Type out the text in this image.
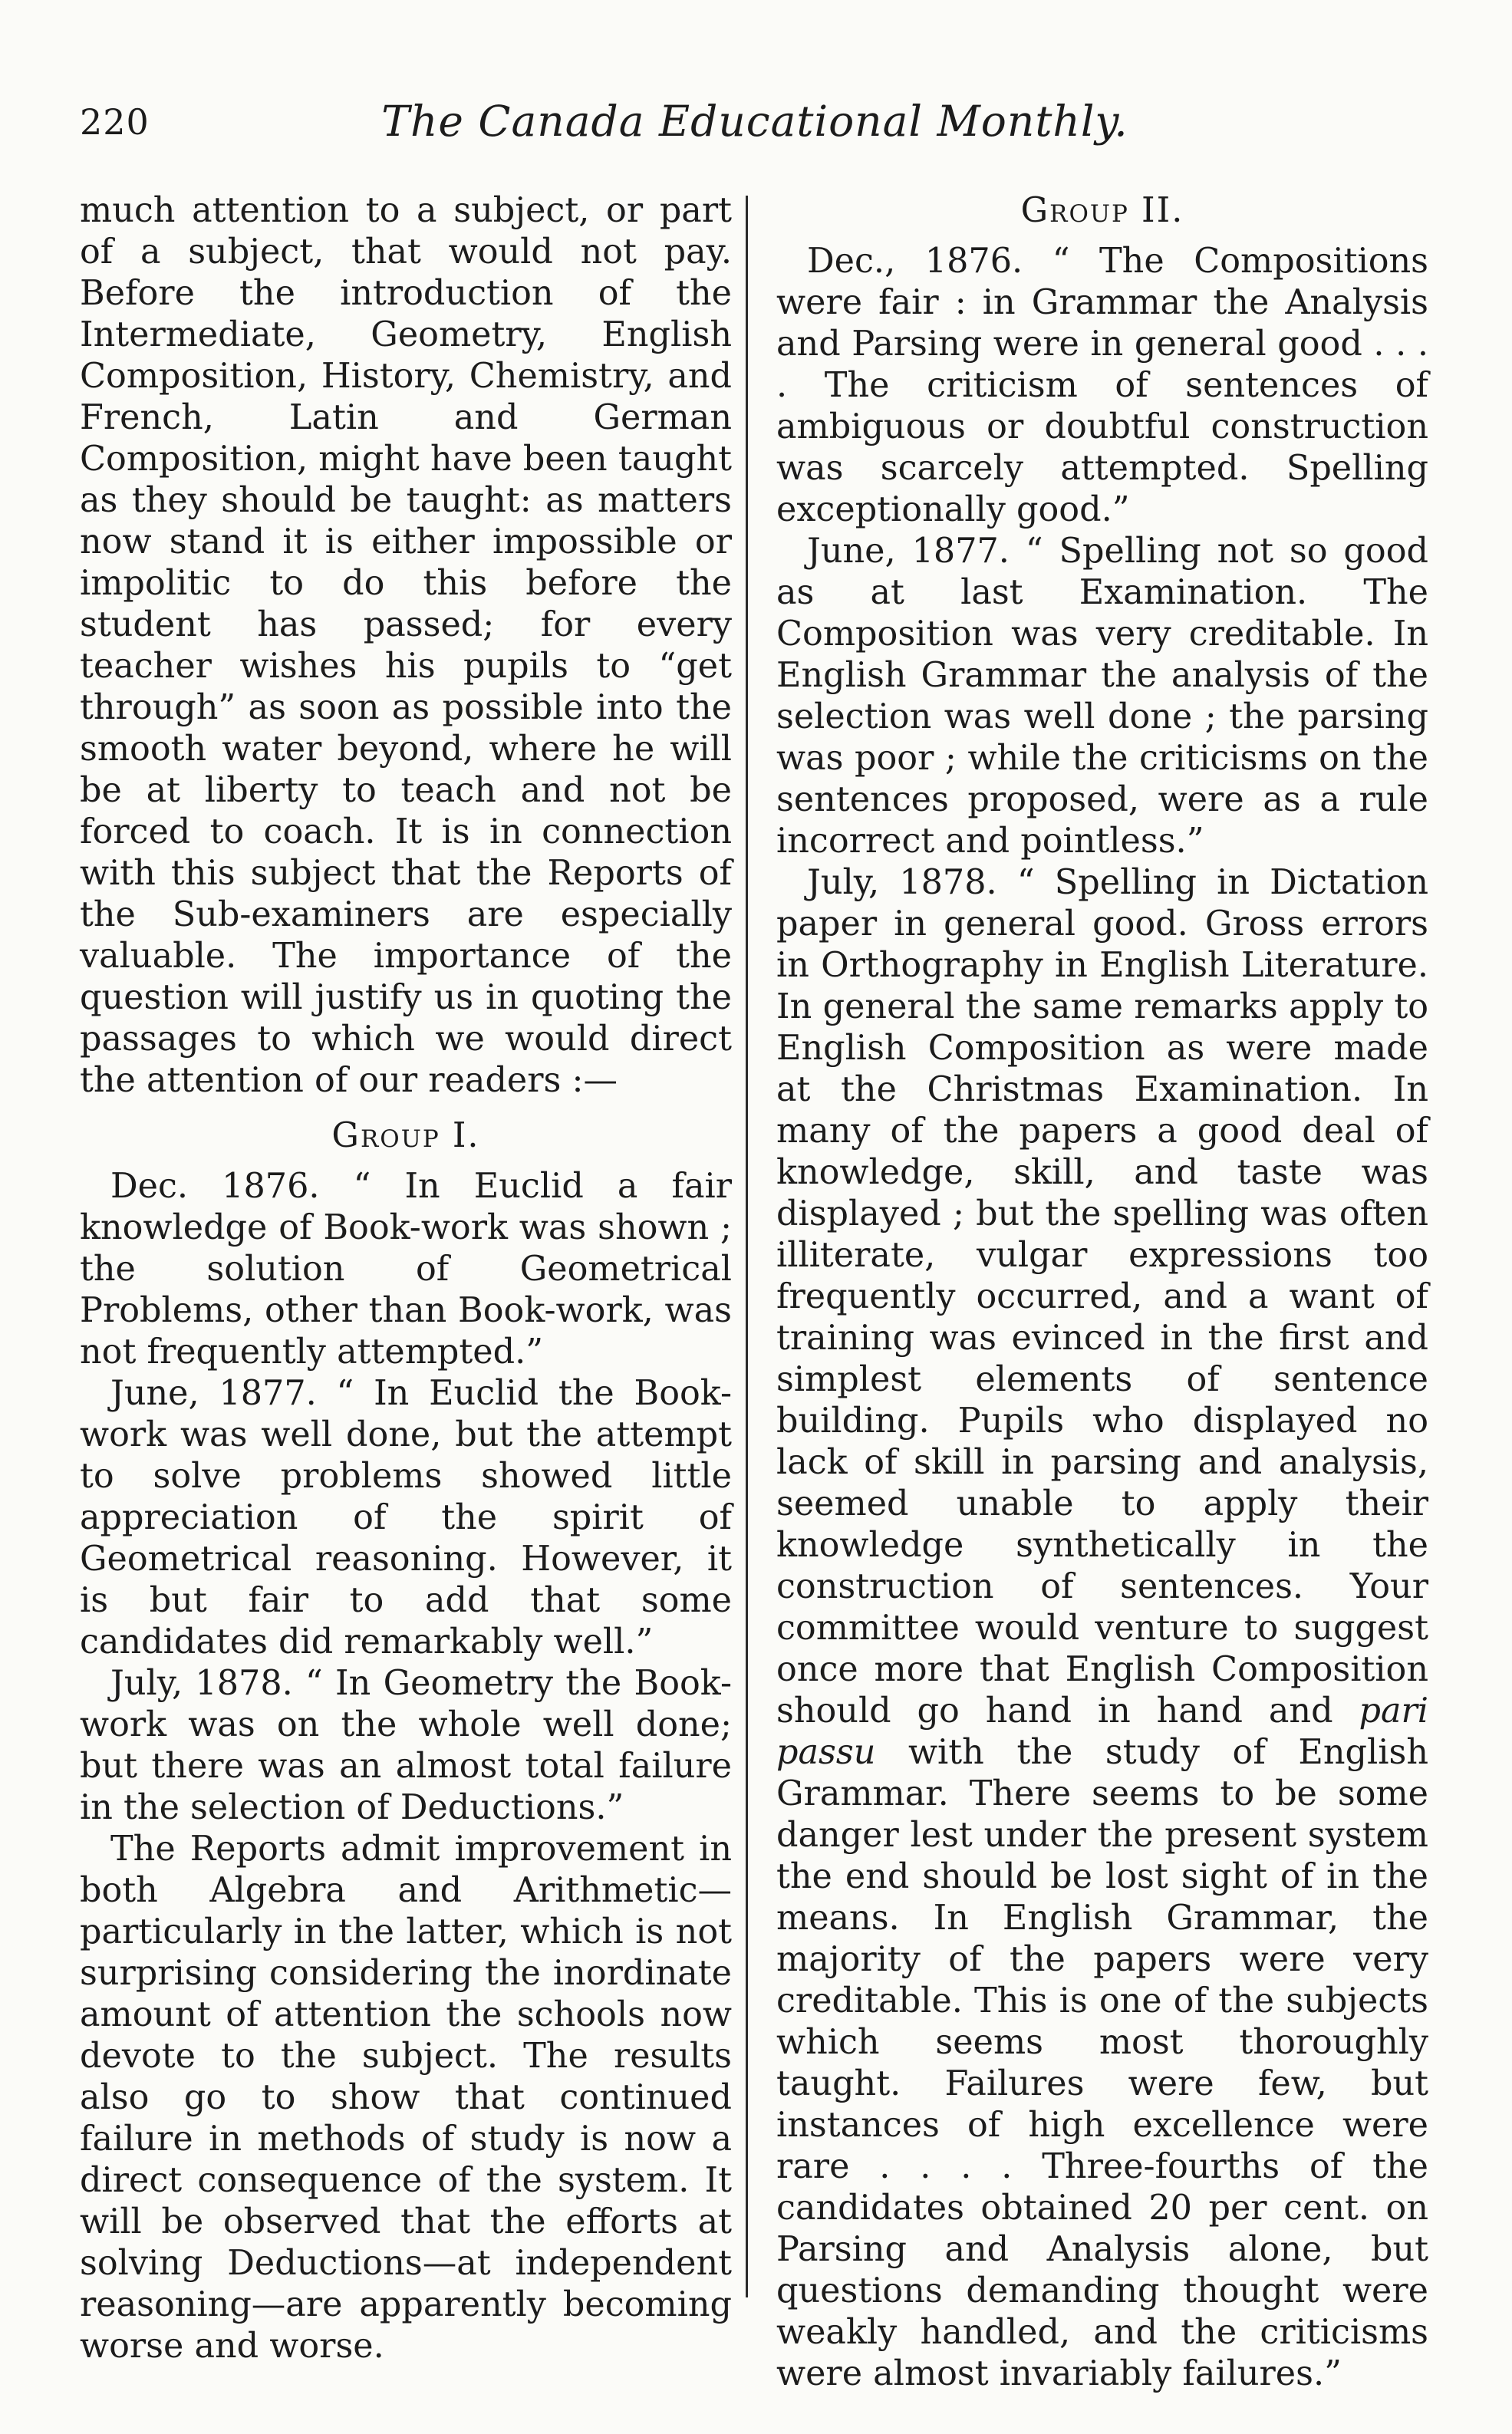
220	The Canada Educational Monthly.

much attention to a subject, or part of a subject, that would not pay. Before the introduction of the Intermediate, Geometry, English Composition, History, Chemistry, and French, Latin and German Composition, might have been taught as they should be taught: as matters now stand it is either impossible or impolitic to do this before the student has passed; for every teacher wishes his pupils to “get through” as soon as possible into the smooth water beyond, where he will be at liberty to teach and not be forced to coach. It is in connection with this subject that the Reports of the Sub-examiners are especially valuable. The importance of the question will justify us in quoting the passages to which we would direct the attention of our readers :—

Group I.

Dec. 1876. “ In Euclid a fair knowledge of Book-work was shown ; the solution of Geometrical Problems, other than Book-work, was not frequently attempted.”

June, 1877. “ In Euclid the Book-work was well done, but the attempt to solve problems showed little appreciation of the spirit of Geometrical reasoning. However, it is but fair to add that some candidates did remarkably well.”

July, 1878. “ In Geometry the Book-work was on the whole well done; but there was an almost total failure in the selection of Deductions.”

The Reports admit improvement in both Algebra and Arithmetic—particularly in the latter, which is not surprising considering the inordinate amount of attention the schools now devote to the subject. The results also go to show that continued failure in methods of study is now a direct consequence of the system. It will be observed that the efforts at solving Deductions—at independent reasoning—are apparently becoming worse and worse.

Group II.

Dec., 1876. “ The Compositions were fair : in Grammar the Analysis and Parsing were in general good . . . . The criticism of sentences of ambiguous or doubtful construction was scarcely attempted. Spelling exceptionally good.”

June, 1877. “ Spelling not so good as at last Examination. The Composition was very creditable. In English Grammar the analysis of the selection was well done ; the parsing was poor ; while the criticisms on the sentences proposed, were as a rule incorrect and pointless.”

July, 1878. “ Spelling in Dictation paper in general good. Gross errors in Orthography in English Literature. In general the same remarks apply to English Composition as were made at the Christmas Examination. In many of the papers a good deal of knowledge, skill, and taste was displayed ; but the spelling was often illiterate, vulgar expressions too frequently occurred, and a want of training was evinced in the first and simplest elements of sentence building. Pupils who displayed no lack of skill in parsing and analysis, seemed unable to apply their knowledge synthetically in the construction of sentences. Your committee would venture to suggest once more that English Composition should go hand in hand and pari passu with the study of English Grammar. There seems to be some danger lest under the present system the end should be lost sight of in the means. In English Grammar, the majority of the papers were very creditable. This is one of the subjects which seems most thoroughly taught. Failures were few, but instances of high excellence were rare . . . . Three-fourths of the candidates obtained 20 per cent. on Parsing and Analysis alone, but questions demanding thought were weakly handled, and the criticisms were almost invariably failures.”
